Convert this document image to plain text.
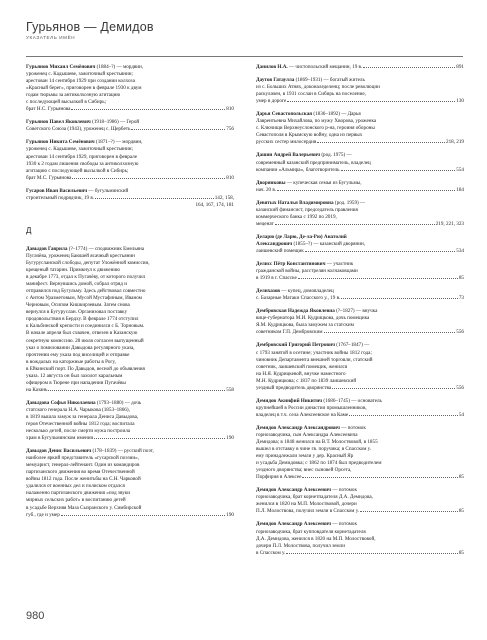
Гурьянов — Демидов
УКАЗАТЕЛЬ ИМЁН

Гурьянов Михаил Семёнович (1884–?) — мордвин,

уроженец с. Кадышеве, зажиточный крестьянин;

арестован 14 сентября 1929 при создании колхоза

«Красный берег», приговорен в феврале 1930 к двум

годам тюрьмы за антиколхозную агитацию

с последующей высылкой в Сибирь;

брат Н.С. Гурьянова	810

Гурьянов Павел Яковлевич (1918–1986) — Герой

Советского Союза (1943), уроженец с. Щербеть	756

Гурьянов Никита Семёнович (1871–?) — мордвин,

уроженец с. Кадышеве, зажиточный крестьянин;

арестован 14 сентября 1929, приговорен в феврале

1930 к 2 годам лишения свободы за антиколхозную

агитацию с последующей высылкой в Сибирь;

брат М.С. Гурьянова	810

Гусаров Иван Васильевич — бугульминский

строительный подрядчик, 19 в.	142, 158,
164, 167, 174, 181
Д

Давыдов Гаврила (?–1774) — сподвижник Емельяна

Пугачёва, уроженец Баюшей ясачный крестьянин

Бугурусланской слободы, депутат Уложённой комиссии,

крещеный татарин. Примкнул к движению

в декабре 1773, отдал к Пугачёву, от которого получил

манифест. Вернувшись домой, собрал отряд и

отправился под Бугульму. Здесь действовал совместно

с Антом Уразметовым, Мусой Мустафиным, Иваном

Черновым, Осипом Кишкирзевым. Затем снова

вернулся в Бугуруслан. Организовал поставку

продовольствия в Бердху. В феврале 1774 отступил

к Кальбинской крепости и соединился с Б. Торновым.

В начале апреля был схвачен, отвезен в Казанскую

секретную комиссию. 28 июля согласен выпущенный

указ о помиловании Давыдова регулярного указа,

прочтении ему указа под виселицей и отправке

в вождалых на каторжные работы в Рогу,

в Ейкинский порт. По Давыдов, весной до объявления

указа. 12 августа он был захолот каральным

офицером в Тюрене при нападении Пугачёвы

на Казань	558

Давыдова Софья Николаевна (1793–1880) — дочь

статского генерала Н.А. Чарыкова (1853–1866),

в 1819 вышла замуж за генерала Дениса Давыдова,

героя Отечественной войны 1812 года; воспитала

несколько детей, после смерти мужа построила

храм в Бугульминском имении	190

Давыдов Денис Васильевич (178–1839) — русский поэт,

наиболее яркий представитель «гусарской поэзии»,

мемуарист, генерал-лейтенант. Один из командиров

партизанского движения во время Отечественной

войны 1812 года. После женитьбы на С.Н. Чарковой

удалился от военных дел и полиском отдался

налаженно партизанского движения «под звуки

мирных сельских работ» в воспитанию детей

в усадьбе Верхняя Маза Сызранского у. Симбирской

губ., где и умер	190
Данилов Н.А. — чистопольский мещанин, 19 в.	891

Даутов Гатаулла (1869–1931) — богатый житель

из с. Больших Атнях, доконаледеленц; после революции

раскулачен, в 1931 сослан в Сибирь на поселение,

умер в дороге	130

Дарья Севастопольская (1836–1892) — Дарья

Лаврентьевна Михайлова, по мужу Хворова, уроженка

с. Ключищи Верхнеуслонского р-на, героиня обороны

Севастополя в Крымскую войну, одна из первых

русских сестер милосердия	218, 219

Дашин Андрей Валерьевич (род. 1975) —

современный казанский предприниматель, владелец

компании «Альмира», благотворитель	554

Дворянковы — купеческая семья из Бугульмы,

нач. 20 в.	184

Девятых Наталья Владимировна (род. 1959) —

казанский финансист, председатель правления

коммерческого банка с 1992 по 2019,

меценат	219, 221, 323

Деларю (де Ларю, Де-ла-Рю) Анатолий
Александрович (1855–?) — казанский дворянин,

лаишевский помещик	534

Делисс Пётр Константинович — участник

гражданской войны, расстрелян колчаковцами

в 1919 в г. Спасске	85

Делихазов — купец, домовладелец

с. Базарные Матаки Спасского у., 19 в.	73

Дембровская Надежда Яковлевна (?–1827) — внучка

вице-губернатора М.И. Кудрицкова, дочь помещика

Я.М. Кудрицкова, была замужем за статским

советником Г.П. Дембровским	556

Дембровский Григорий Петрович (1767–1847) —

с 1793 занятой в осетине; участник войны 1812 года;

чиновник Департамента внешней торговли, статский

советник, лаишевский помещик, женился

на Н.Я. Кудрицкевой, внучке наместного

М.Н. Кудрицкова; с 1837 по 1839 лаишевский

уездный предводитель дворянства	556

Демидов Акинфий Никитич (1686–1745) — основатель

крупнейшей в России династии промышленников,

владелец в т.ч. села Алексеевское на Каме	54

Демидов Александр Александрович — потомок

горнозаводчика, сын Александра Алексеевича

Демидова; в 1848 женился на В.Т. Молоствовой, в 1855

вышел в отставку в чине гв. поручика; в Спасском у.

ему принадлежали земли у дер. Красный Яр

и усадьба Демидовка; с 1862 по 1874 был предводителем

уездного дворянства; внес сыновей Орсета,

Порфирия в Алексее	85

Демидов Александр Алексеевич — потомок

горнозаводчика, брат корнетпадателя Д.А. Демидова,

женился в 1820 на М.П. Молоствовой, дочери

П.Л. Молоствова, получил земли в Спасском у.	85

Демидов Александр Алексеевич — потомок

горнозаводчика, брат купповдателя корнетадателя

Д.А. Демидова, женился в 1820 на М.П. Молоствовой,

дочери П.Л. Молоствова, получил земли

в Спасском у.	85
980
